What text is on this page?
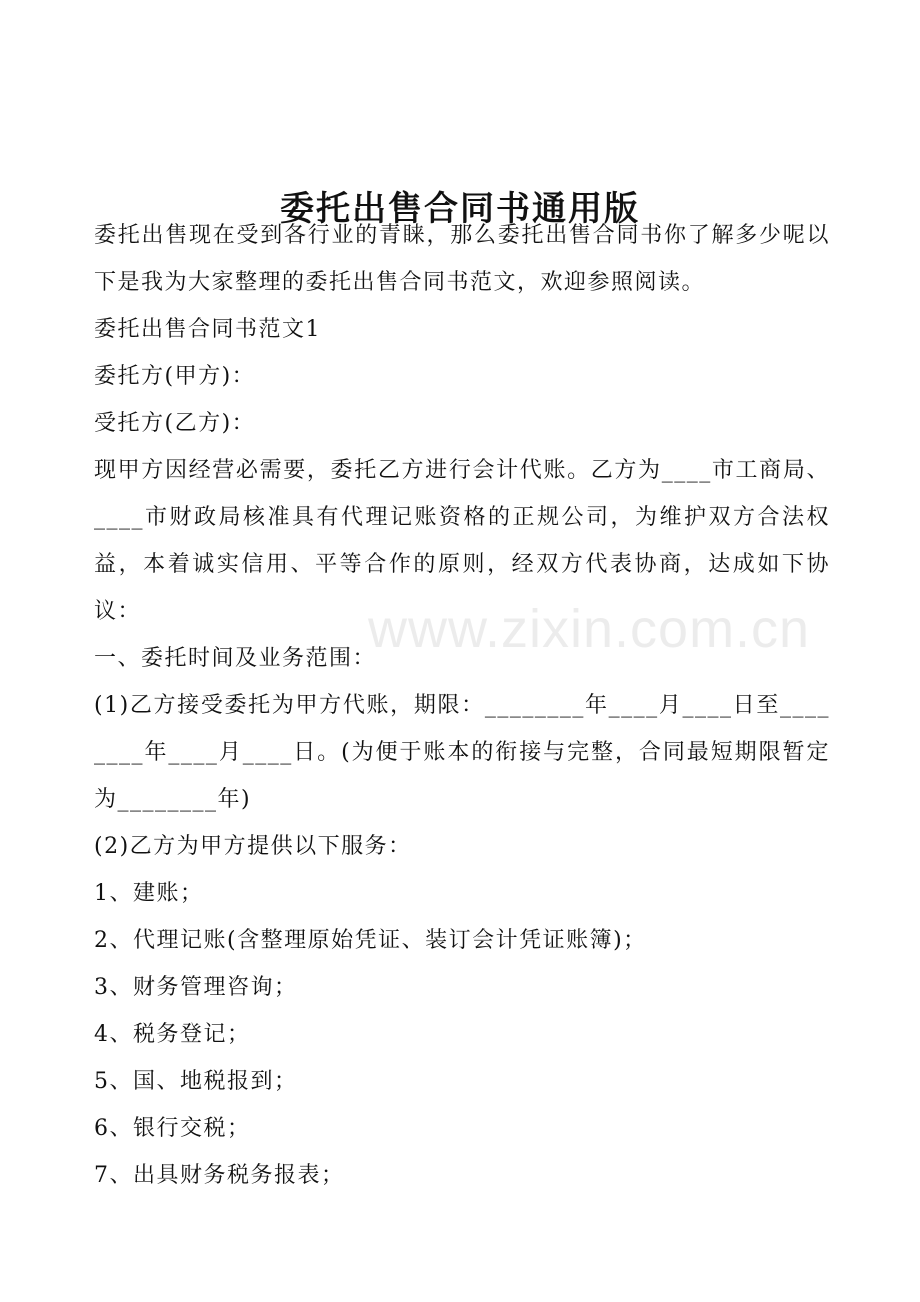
委托出售合同书通用版

委托出售现在受到各行业的青睐，那么委托出售合同书你了解多少呢以下是我为大家整理的委托出售合同书范文，欢迎参照阅读。

委托出售合同书范文1

委托方(甲方)：

受托方(乙方)：

现甲方因经营必需要，委托乙方进行会计代账。乙方为____市工商局、____市财政局核准具有代理记账资格的正规公司，为维护双方合法权益，本着诚实信用、平等合作的原则，经双方代表协商，达成如下协议：

一、委托时间及业务范围：

(1)乙方接受委托为甲方代账，期限：________年____月____日至________年____月____日。(为便于账本的衔接与完整，合同最短期限暂定为________年)

(2)乙方为甲方提供以下服务：

1、建账；

2、代理记账(含整理原始凭证、装订会计凭证账簿)；

3、财务管理咨询；

4、税务登记；

5、国、地税报到；

6、银行交税；

7、出具财务税务报表；

www.zixin.com.cn
